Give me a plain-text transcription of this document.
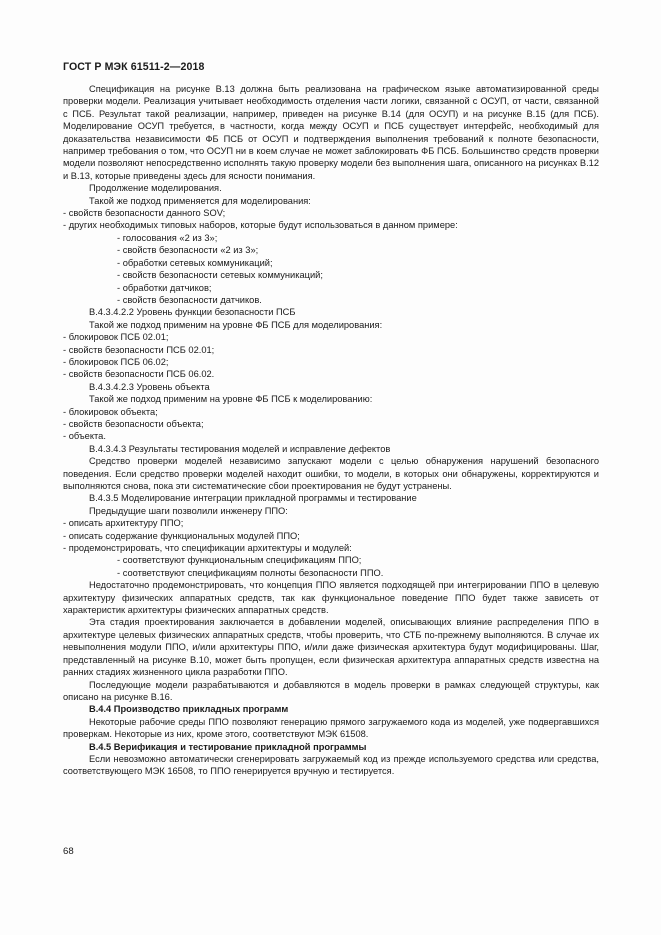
ГОСТ Р МЭК 61511-2—2018

Спецификация на рисунке В.13 должна быть реализована на графическом языке автоматизированной среды проверки модели. Реализация учитывает необходимость отделения части логики, связанной с ОСУП, от части, связанной с ПСБ. Результат такой реализации, например, приведен на рисунке В.14 (для ОСУП) и на рисунке В.15 (для ПСБ). Моделирование ОСУП требуется, в частности, когда между ОСУП и ПСБ существует интерфейс, необходимый для доказательства независимости ФБ ПСБ от ОСУП и подтверждения выполнения требований к полноте безопасности, например требования о том, что ОСУП ни в коем случае не может заблокировать ФБ ПСБ. Большинство средств проверки модели позволяют непосредственно исполнять такую проверку модели без выполнения шага, описанного на рисунках В.12 и В.13, которые приведены здесь для ясности понимания.

Продолжение моделирования.

Такой же подход применяется для моделирования:

- свойств безопасности данного SOV;

- других необходимых типовых наборов, которые будут использоваться в данном примере:

- голосования «2 из 3»;

- свойств безопасности «2 из 3»;

- обработки сетевых коммуникаций;

- свойств безопасности сетевых коммуникаций;

- обработки датчиков;

- свойств безопасности датчиков.

В.4.3.4.2.2 Уровень функции безопасности ПСБ

Такой же подход применим на уровне ФБ ПСБ для моделирования:

- блокировок ПСБ 02.01;

- свойств безопасности ПСБ 02.01;

- блокировок ПСБ 06.02;

- свойств безопасности ПСБ 06.02.

В.4.3.4.2.3 Уровень объекта

Такой же подход применим на уровне ФБ ПСБ к моделированию:

- блокировок объекта;

- свойств безопасности объекта;

- объекта.

В.4.3.4.3 Результаты тестирования моделей и исправление дефектов

Средство проверки моделей независимо запускают модели с целью обнаружения нарушений безопасного поведения. Если средство проверки моделей находит ошибки, то модели, в которых они обнаружены, корректируются и выполняются снова, пока эти систематические сбои проектирования не будут устранены.

В.4.3.5 Моделирование интеграции прикладной программы и тестирование

Предыдущие шаги позволили инженеру ППО:

- описать архитектуру ППО;

- описать содержание функциональных модулей ППО;

- продемонстрировать, что спецификации архитектуры и модулей:

- соответствуют функциональным спецификациям ППО;

- соответствуют спецификациям полноты безопасности ППО.

Недостаточно продемонстрировать, что концепция ППО является подходящей при интегрировании ППО в целевую архитектуру физических аппаратных средств, так как функциональное поведение ППО будет также зависеть от характеристик архитектуры физических аппаратных средств.

Эта стадия проектирования заключается в добавлении моделей, описывающих влияние распределения ППО в архитектуре целевых физических аппаратных средств, чтобы проверить, что СТБ по-прежнему выполняются. В случае их невыполнения модули ППО, и/или архитектуры ППО, и/или даже физическая архитектура будут модифицированы. Шаг, представленный на рисунке В.10, может быть пропущен, если физическая архитектура аппаратных средств известна на ранних стадиях жизненного цикла разработки ППО.

Последующие модели разрабатываются и добавляются в модель проверки в рамках следующей структуры, как описано на рисунке В.16.

В.4.4 Производство прикладных программ

Некоторые рабочие среды ППО позволяют генерацию прямого загружаемого кода из моделей, уже подвергавшихся проверкам. Некоторые из них, кроме этого, соответствуют МЭК 61508.

В.4.5 Верификация и тестирование прикладной программы

Если невозможно автоматически сгенерировать загружаемый код из прежде используемого средства или средства, соответствующего МЭК 16508, то ППО генерируется вручную и тестируется.

68
